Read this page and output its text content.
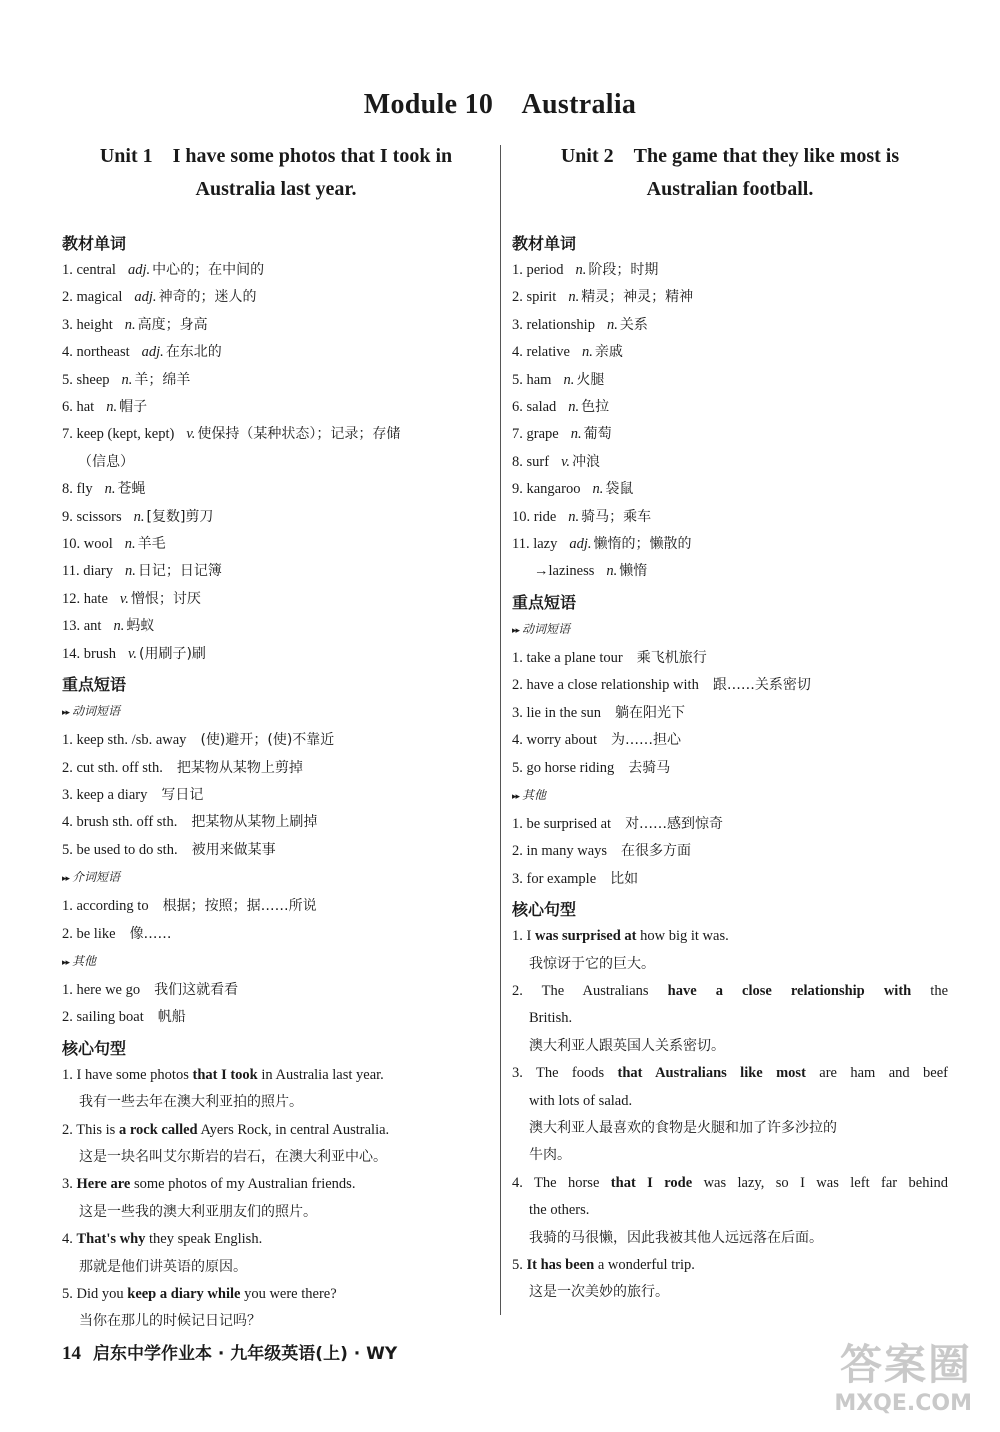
Module 10　Australia
Unit 1　I have some photos that I took in
Australia last year.
教材单词
1. central adj. 中心的；在中间的
2. magical adj. 神奇的；迷人的
3. height n. 高度；身高
4. northeast adj. 在东北的
5. sheep n. 羊；绵羊
6. hat n. 帽子
7. keep (kept, kept) v. 使保持（某种状态）；记录；存储
（信息）
8. fly n. 苍蝇
9. scissors n. [复数]剪刀
10. wool n. 羊毛
11. diary n. 日记；日记簿
12. hate v. 憎恨；讨厌
13. ant n. 蚂蚁
14. brush v. (用刷子)刷
重点短语
▸▸ 动词短语
1. keep sth. /sb. away (使)避开；(使)不靠近
2. cut sth. off sth. 把某物从某物上剪掉
3. keep a diary 写日记
4. brush sth. off sth. 把某物从某物上刷掉
5. be used to do sth. 被用来做某事
▸▸ 介词短语
1. according to 根据；按照；据……所说
2. be like 像……
▸▸ 其他
1. here we go 我们这就看看
2. sailing boat 帆船
核心句型
1. I have some photos that I took in Australia last year.
我有一些去年在澳大利亚拍的照片。
2. This is a rock called Ayers Rock, in central Australia.
这是一块名叫艾尔斯岩的岩石，在澳大利亚中心。
3. Here are some photos of my Australian friends.
这是一些我的澳大利亚朋友们的照片。
4. That's why they speak English.
那就是他们讲英语的原因。
5. Did you keep a diary while you were there?
当你在那儿的时候记日记吗？
Unit 2　The game that they like most is
Australian football.
教材单词
1. period n. 阶段；时期
2. spirit n. 精灵；神灵；精神
3. relationship n. 关系
4. relative n. 亲戚
5. ham n. 火腿
6. salad n. 色拉
7. grape n. 葡萄
8. surf v. 冲浪
9. kangaroo n. 袋鼠
10. ride n. 骑马；乘车
11. lazy adj. 懒惰的；懒散的
→laziness n. 懒惰
重点短语
▸▸ 动词短语
1. take a plane tour 乘飞机旅行
2. have a close relationship with 跟……关系密切
3. lie in the sun 躺在阳光下
4. worry about 为……担心
5. go horse riding 去骑马
▸▸ 其他
1. be surprised at 对……感到惊奇
2. in many ways 在很多方面
3. for example 比如
核心句型
1. I was surprised at how big it was.
我惊讶于它的巨大。
2. The Australians have a close relationship with the
British.
澳大利亚人跟英国人关系密切。
3. The foods that Australians like most are ham and beef
with lots of salad.
澳大利亚人最喜欢的食物是火腿和加了许多沙拉的
牛肉。
4. The horse that I rode was lazy, so I was left far behind
the others.
我骑的马很懒，因此我被其他人远远落在后面。
5. It has been a wonderful trip.
这是一次美妙的旅行。
14 启东中学作业本 · 九年级英语(上) · WY	答案圈
MXQE.COM
